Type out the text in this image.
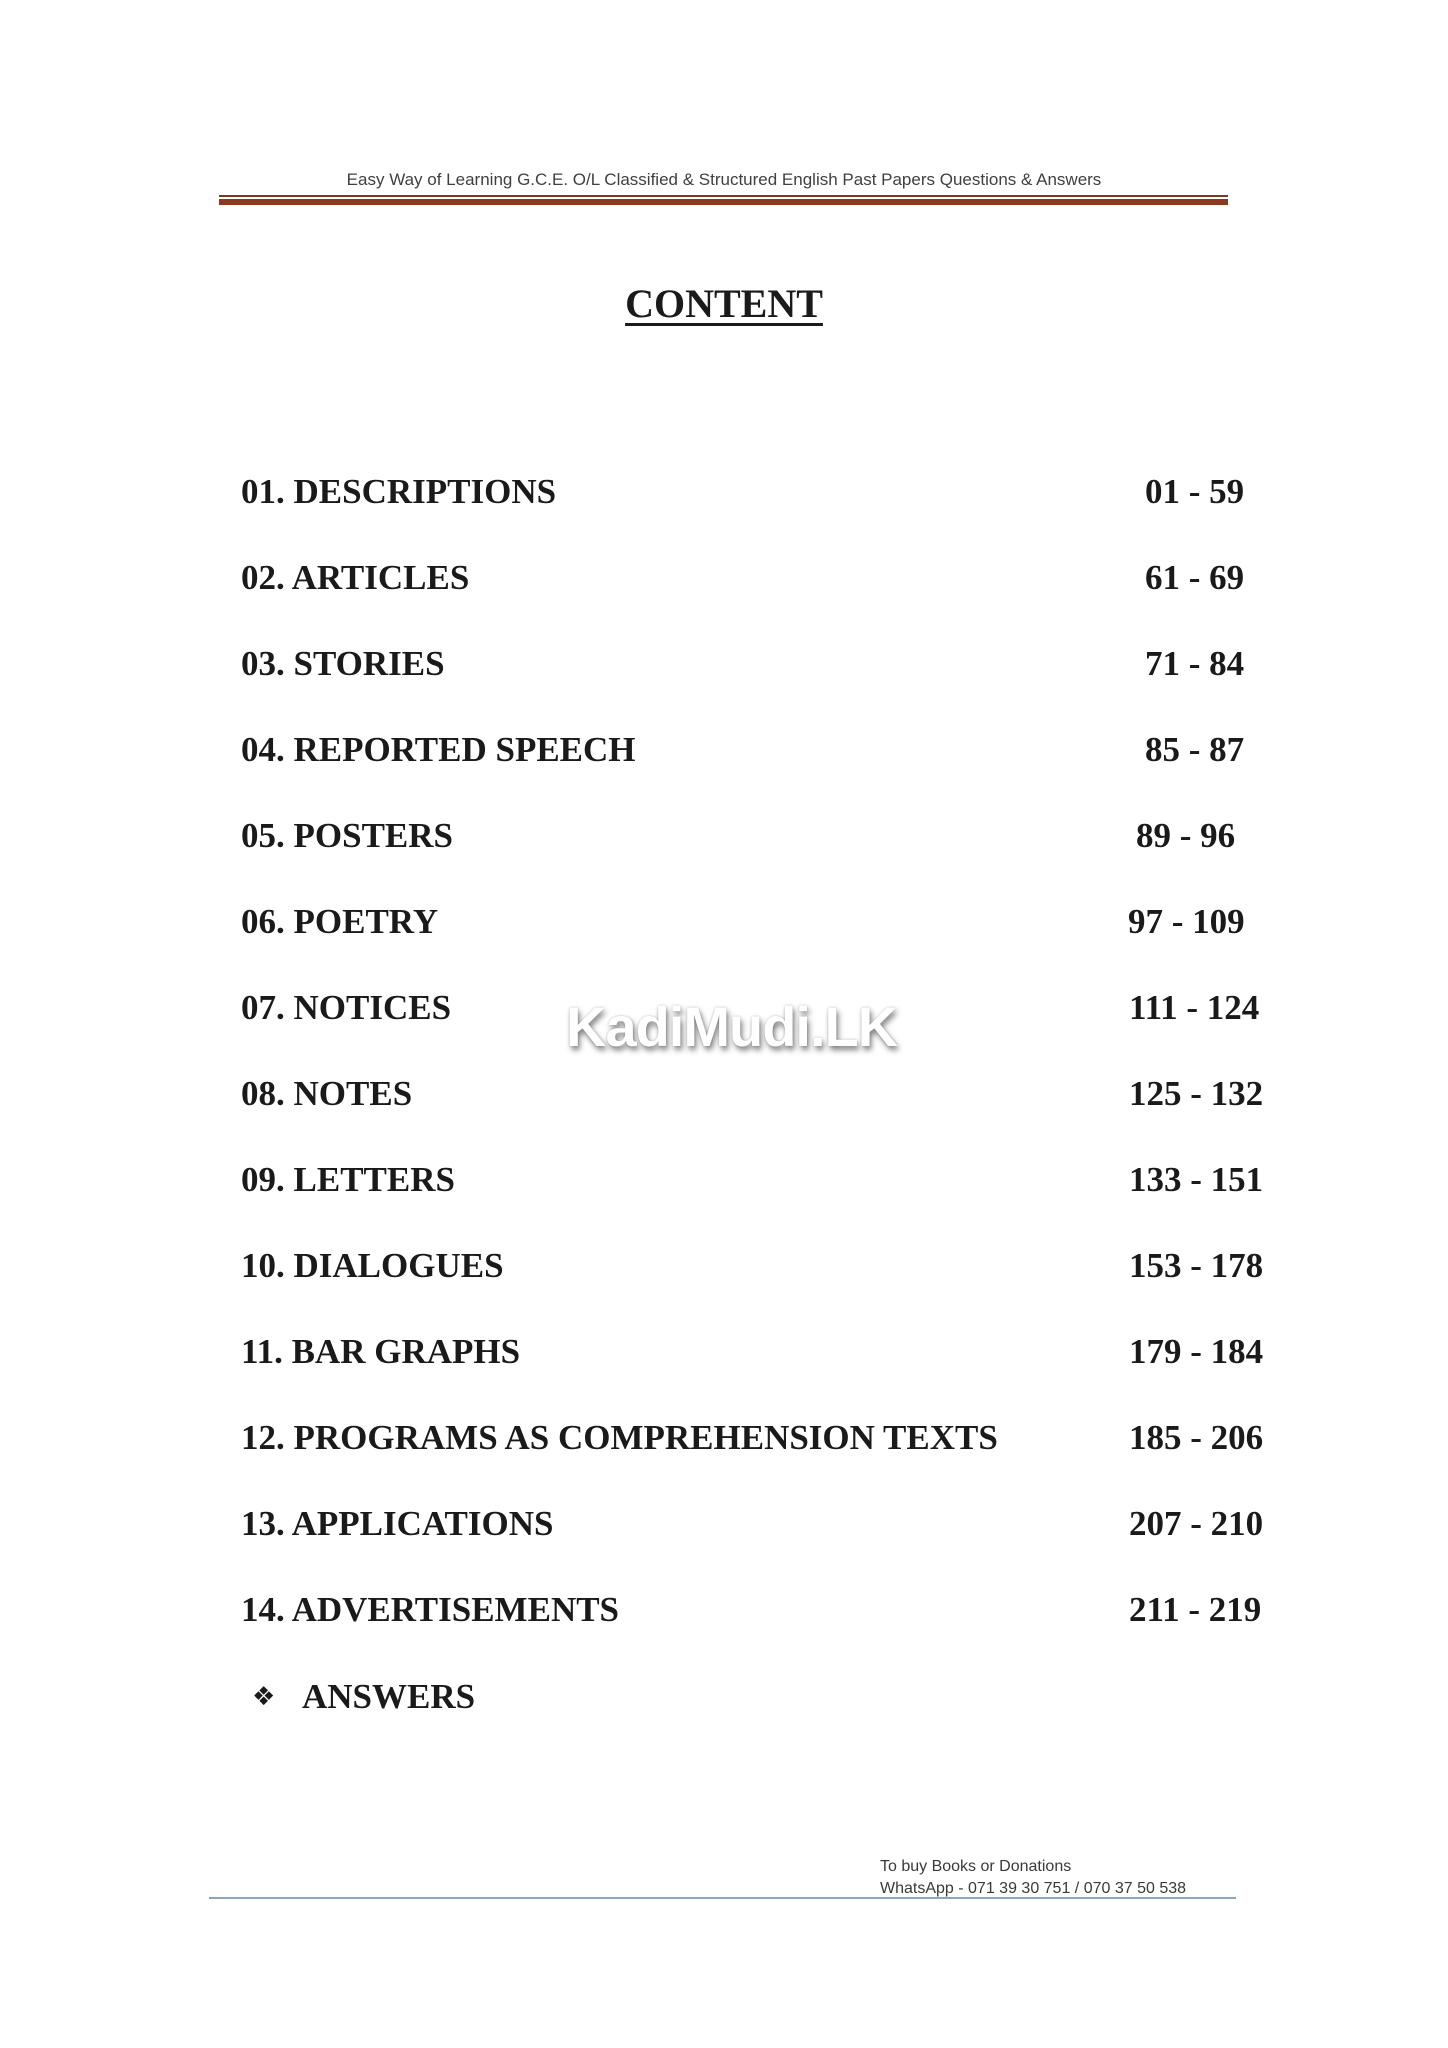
Easy Way of Learning G.C.E. O/L Classified & Structured English Past Papers Questions & Answers
CONTENT
01. DESCRIPTIONS	01 - 59
02. ARTICLES	61 - 69
03. STORIES	71 - 84
04. REPORTED SPEECH	85 - 87
05. POSTERS	89 - 96
06. POETRY	97 - 109
07. NOTICES	111 - 124
08. NOTES	125 - 132
09. LETTERS	133 - 151
10. DIALOGUES	153 - 178
11. BAR GRAPHS	179 - 184
12. PROGRAMS AS COMPREHENSION TEXTS	185 - 206
13. APPLICATIONS	207 - 210
14. ADVERTISEMENTS	211 - 219
❖ ANSWERS
KadiMudi.LK
To buy Books or Donations
WhatsApp - 071 39 30 751 / 070 37 50 538
